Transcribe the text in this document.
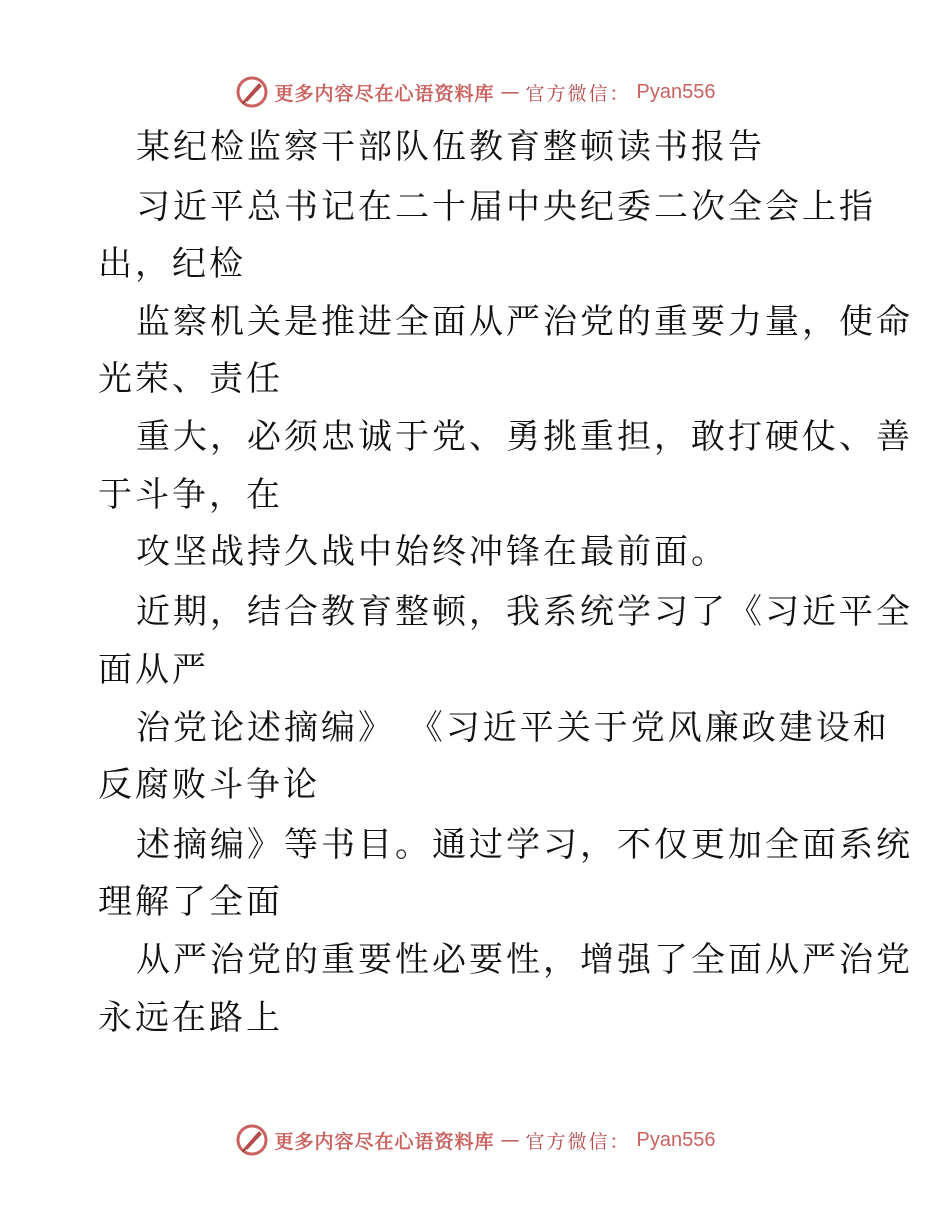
更多内容尽在心语资料库 — 官方微信： Pyan556
某纪检监察干部队伍教育整顿读书报告
习近平总书记在二十届中央纪委二次全会上指
出，纪检
监察机关是推进全面从严治党的重要力量，使命
光荣、责任
重大，必须忠诚于党、勇挑重担，敢打硬仗、善
于斗争，在
攻坚战持久战中始终冲锋在最前面。
近期，结合教育整顿，我系统学习了《习近平全
面从严
治党论述摘编》 《习近平关于党风廉政建设和
反腐败斗争论
述摘编》等书目。通过学习，不仅更加全面系统
理解了全面
从严治党的重要性必要性，增强了全面从严治党
永远在路上
更多内容尽在心语资料库 — 官方微信： Pyan556
